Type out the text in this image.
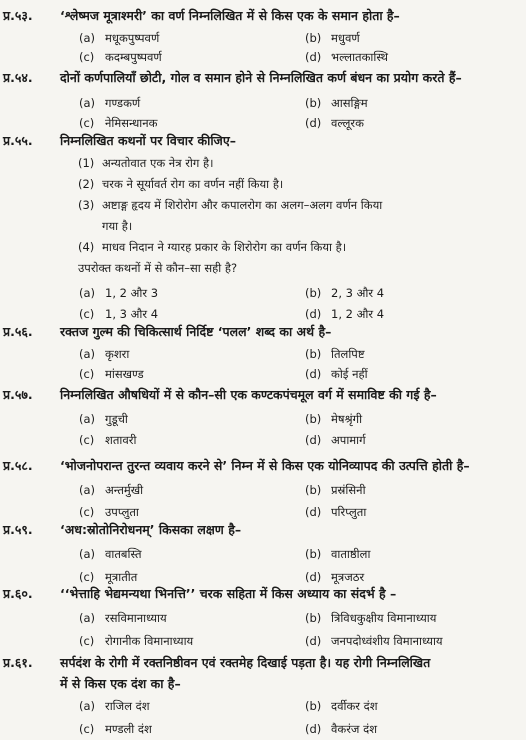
प्र.५३. ‘श्लेष्मज मूत्राश्मरी’ का वर्ण निम्नलिखित में से किस एक के समान होता है–
(a) मधूकपुष्पवर्ण	(b) मधुवर्ण
(c) कदम्बपुष्पवर्ण	(d) भल्लातकास्थि
प्र.५४. दोनों कर्णपालियाँ छोटी, गोल व समान होने से निम्नलिखित कर्ण बंधन का प्रयोग करते हैं–
(a) गण्डकर्ण	(b) आसङ्गिम
(c) नेमिसन्धानक	(d) वल्लूरक
प्र.५५. निम्नलिखित कथनों पर विचार कीजिए–
(1) अन्यतोवात एक नेत्र रोग है।
(2) चरक ने सूर्यावर्त रोग का वर्णन नहीं किया है।
(3) अष्टाङ्ग हृदय में शिरोरोग और कपालरोग का अलग–अलग वर्णन किया
गया है।
(4) माधव निदान ने ग्यारह प्रकार के शिरोरोग का वर्णन किया है।
उपरोक्त कथनों में से कौन–सा सही है?
(a) 1, 2 और 3	(b) 2, 3 और 4
(c) 1, 3 और 4	(d) 1, 2 और 4
प्र.५६. रक्तज गुल्म की चिकित्सार्थ निर्दिष्ट ‘पलल’ शब्द का अर्थ है–
(a) कृशरा	(b) तिलपिष्ट
(c) मांसखण्ड	(d) कोई नहीं
प्र.५७. निम्नलिखित औषधियों में से कौन–सी एक कण्टकपंचमूल वर्ग में समाविष्ट की गई है–
(a) गुडूची	(b) मेषश्रृंगी
(c) शतावरी	(d) अपामार्ग
प्र.५८. ‘भोजनोपरान्त तुरन्त व्यवाय करने से’ निम्न में से किस एक योनिव्यापद की उत्पत्ति होती है–
(a) अन्तर्मुखी	(b) प्रस्रंसिनी
(c) उपप्लुता	(d) परिप्लुता
प्र.५९. ‘अध:स्रोतोनिरोधनम्’ किसका लक्षण है–
(a) वातबस्ति	(b) वाताष्ठीला
(c) मूत्रातीत	(d) मूत्रजठर
प्र.६०. ‘‘भेत्ताहि भेद्यमन्यथा भिनत्ति’’ चरक सहिता में किस अध्याय का संदर्भ है –
(a) रसविमानाध्याय	(b) त्रिविधकुक्षीय विमानाध्याय
(c) रोगानीक विमानाध्याय	(d) जनपदोध्वंशीय विमानाध्याय
प्र.६१. सर्पदंश के रोगी में रक्तनिष्ठीवन एवं रक्तमेह दिखाई पड़ता है। यह रोगी निम्नलिखित
में से किस एक दंश का है–
(a) राजिल दंश	(b) दर्वीकर दंश
(c) मण्डली दंश	(d) वैकरंज दंश
